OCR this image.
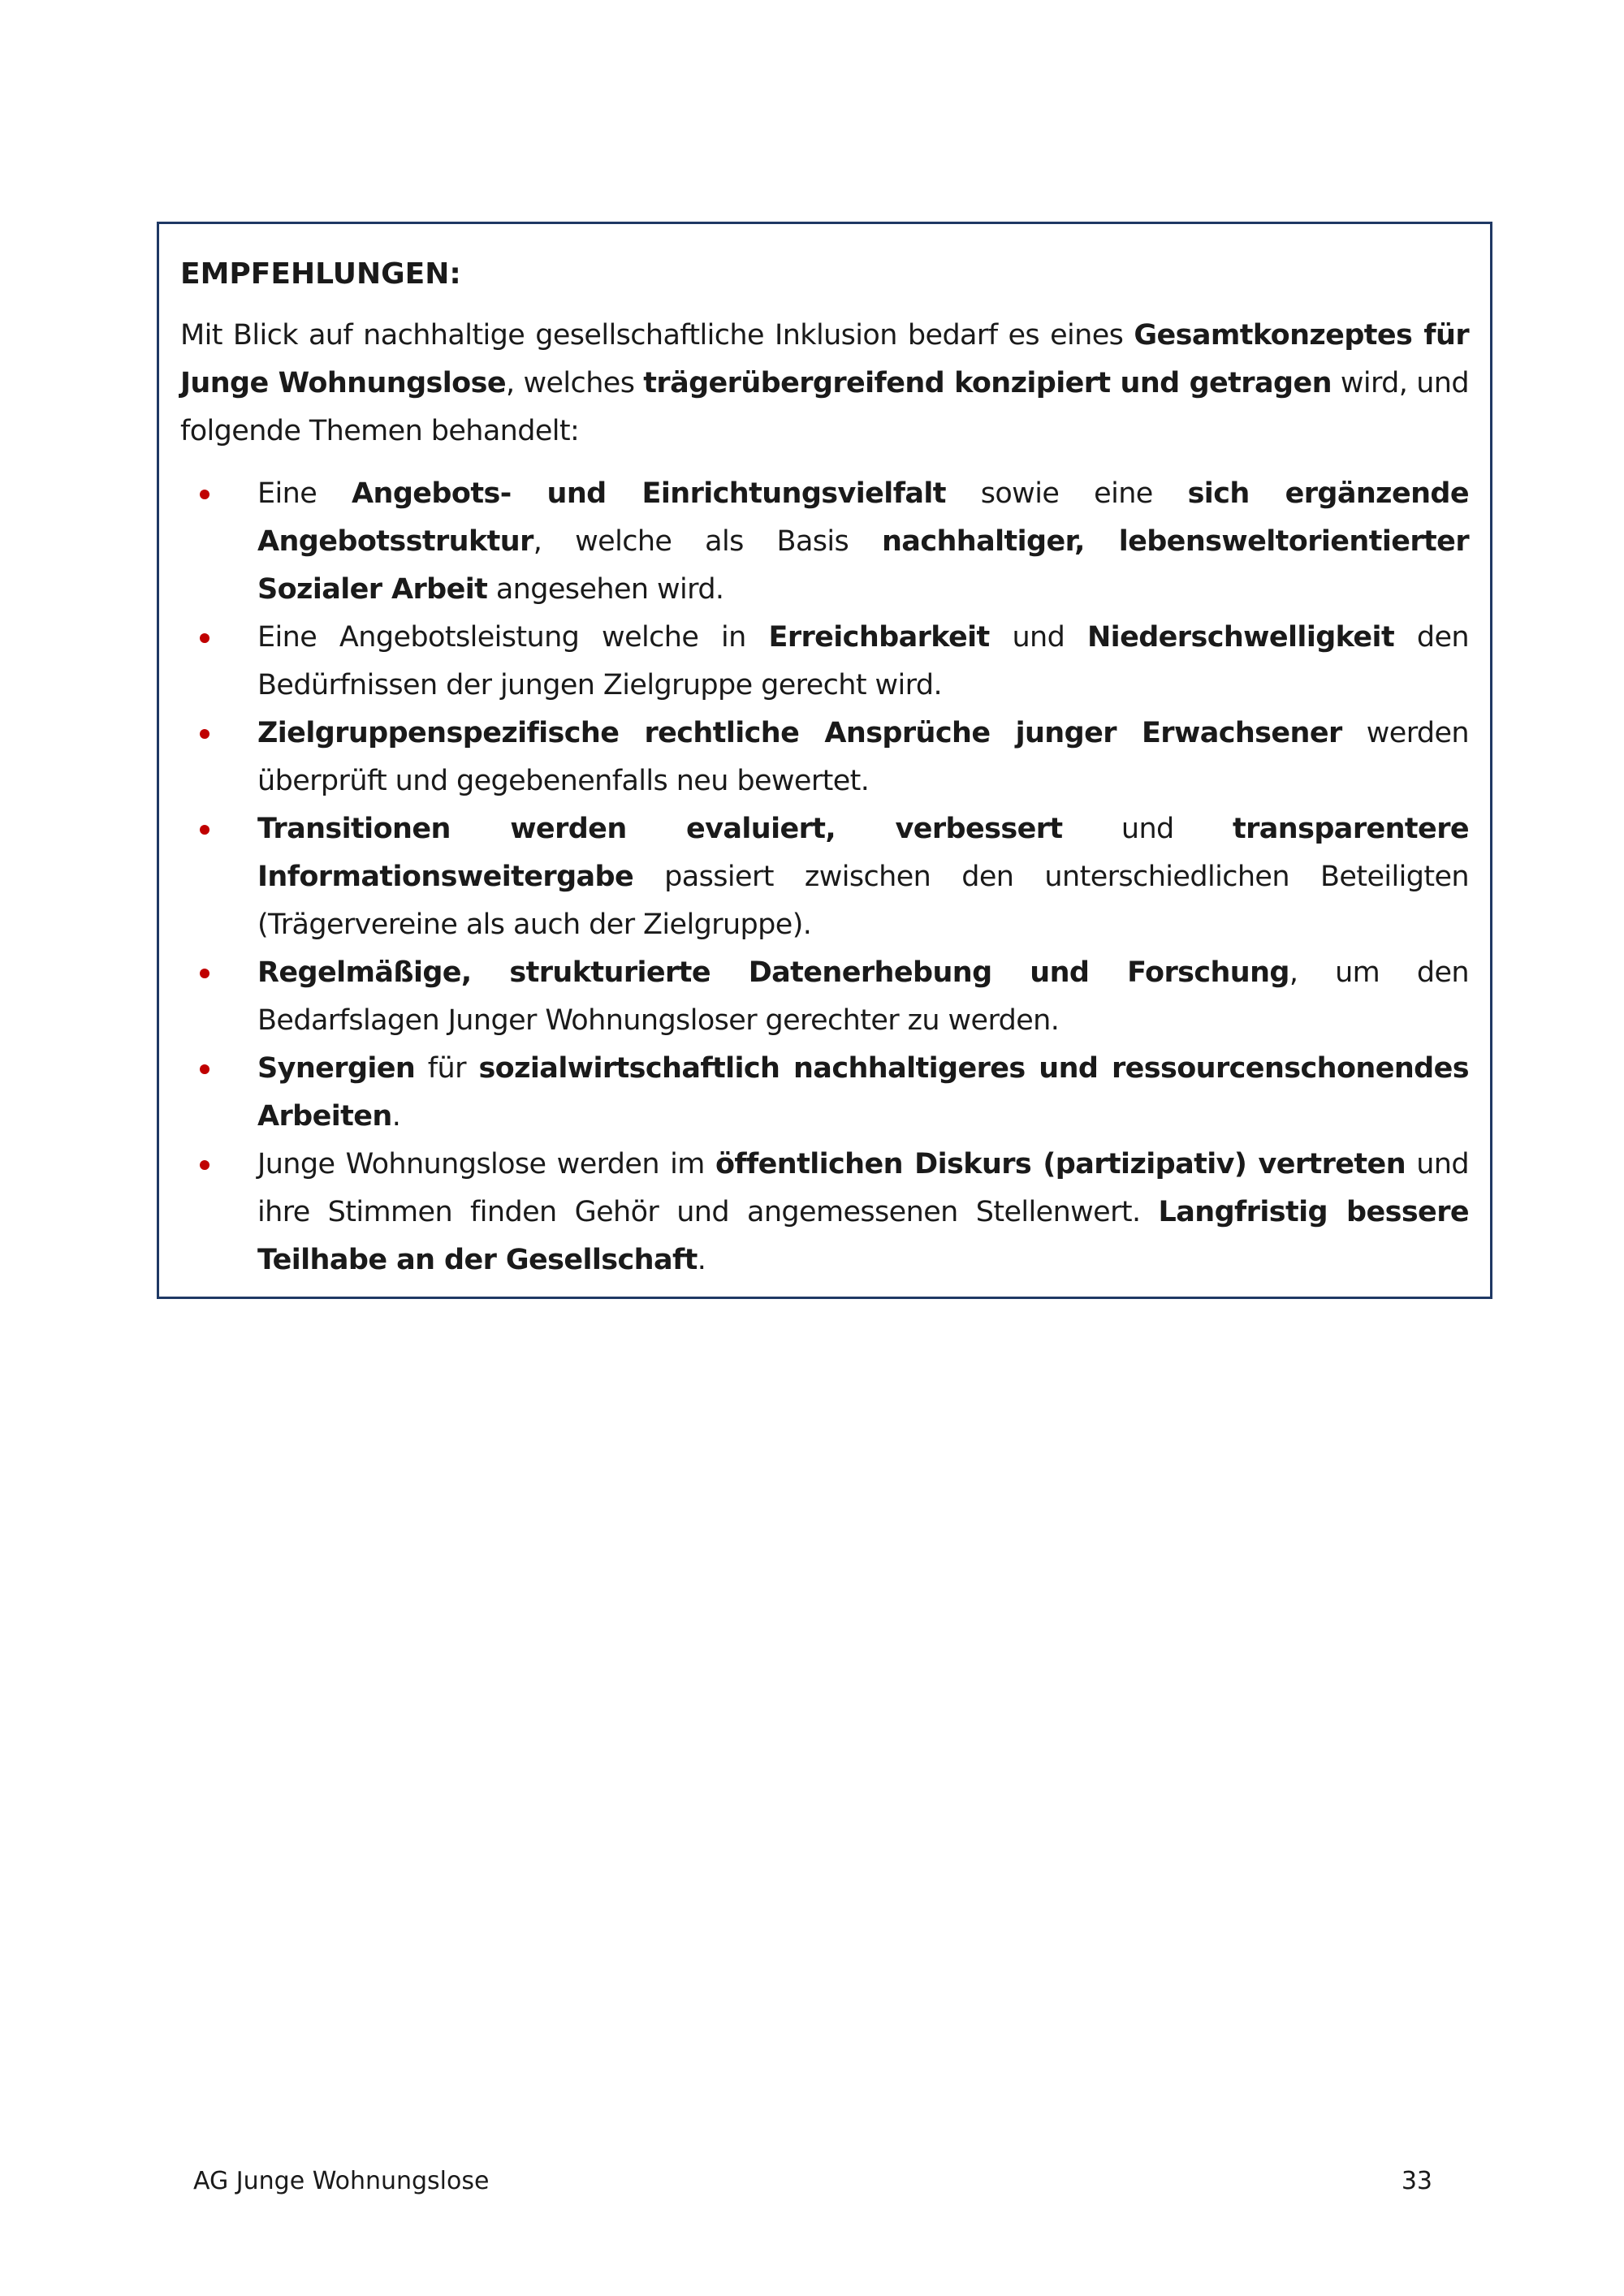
EMPFEHLUNGEN:

Mit Blick auf nachhaltige gesellschaftliche Inklusion bedarf es eines Gesamtkonzeptes für Junge Wohnungslose, welches trägerübergreifend konzipiert und getragen wird, und folgende Themen behandelt:

Eine Angebots- und Einrichtungsvielfalt sowie eine sich ergänzende Angebotsstruktur, welche als Basis nachhaltiger, lebensweltorientierter Sozialer Arbeit angesehen wird.
Eine Angebotsleistung welche in Erreichbarkeit und Niederschwelligkeit den Bedürfnissen der jungen Zielgruppe gerecht wird.
Zielgruppenspezifische rechtliche Ansprüche junger Erwachsener werden überprüft und gegebenenfalls neu bewertet.
Transitionen werden evaluiert, verbessert und transparentere Informationsweitergabe passiert zwischen den unterschiedlichen Beteiligten (Trägervereine als auch der Zielgruppe).
Regelmäßige, strukturierte Datenerhebung und Forschung, um den Bedarfslagen Junger Wohnungsloser gerechter zu werden.
Synergien für sozialwirtschaftlich nachhaltigeres und ressourcenschonendes Arbeiten.
Junge Wohnungslose werden im öffentlichen Diskurs (partizipativ) vertreten und ihre Stimmen finden Gehör und angemessenen Stellenwert. Langfristig bessere Teilhabe an der Gesellschaft.
AG Junge Wohnungslose	33
